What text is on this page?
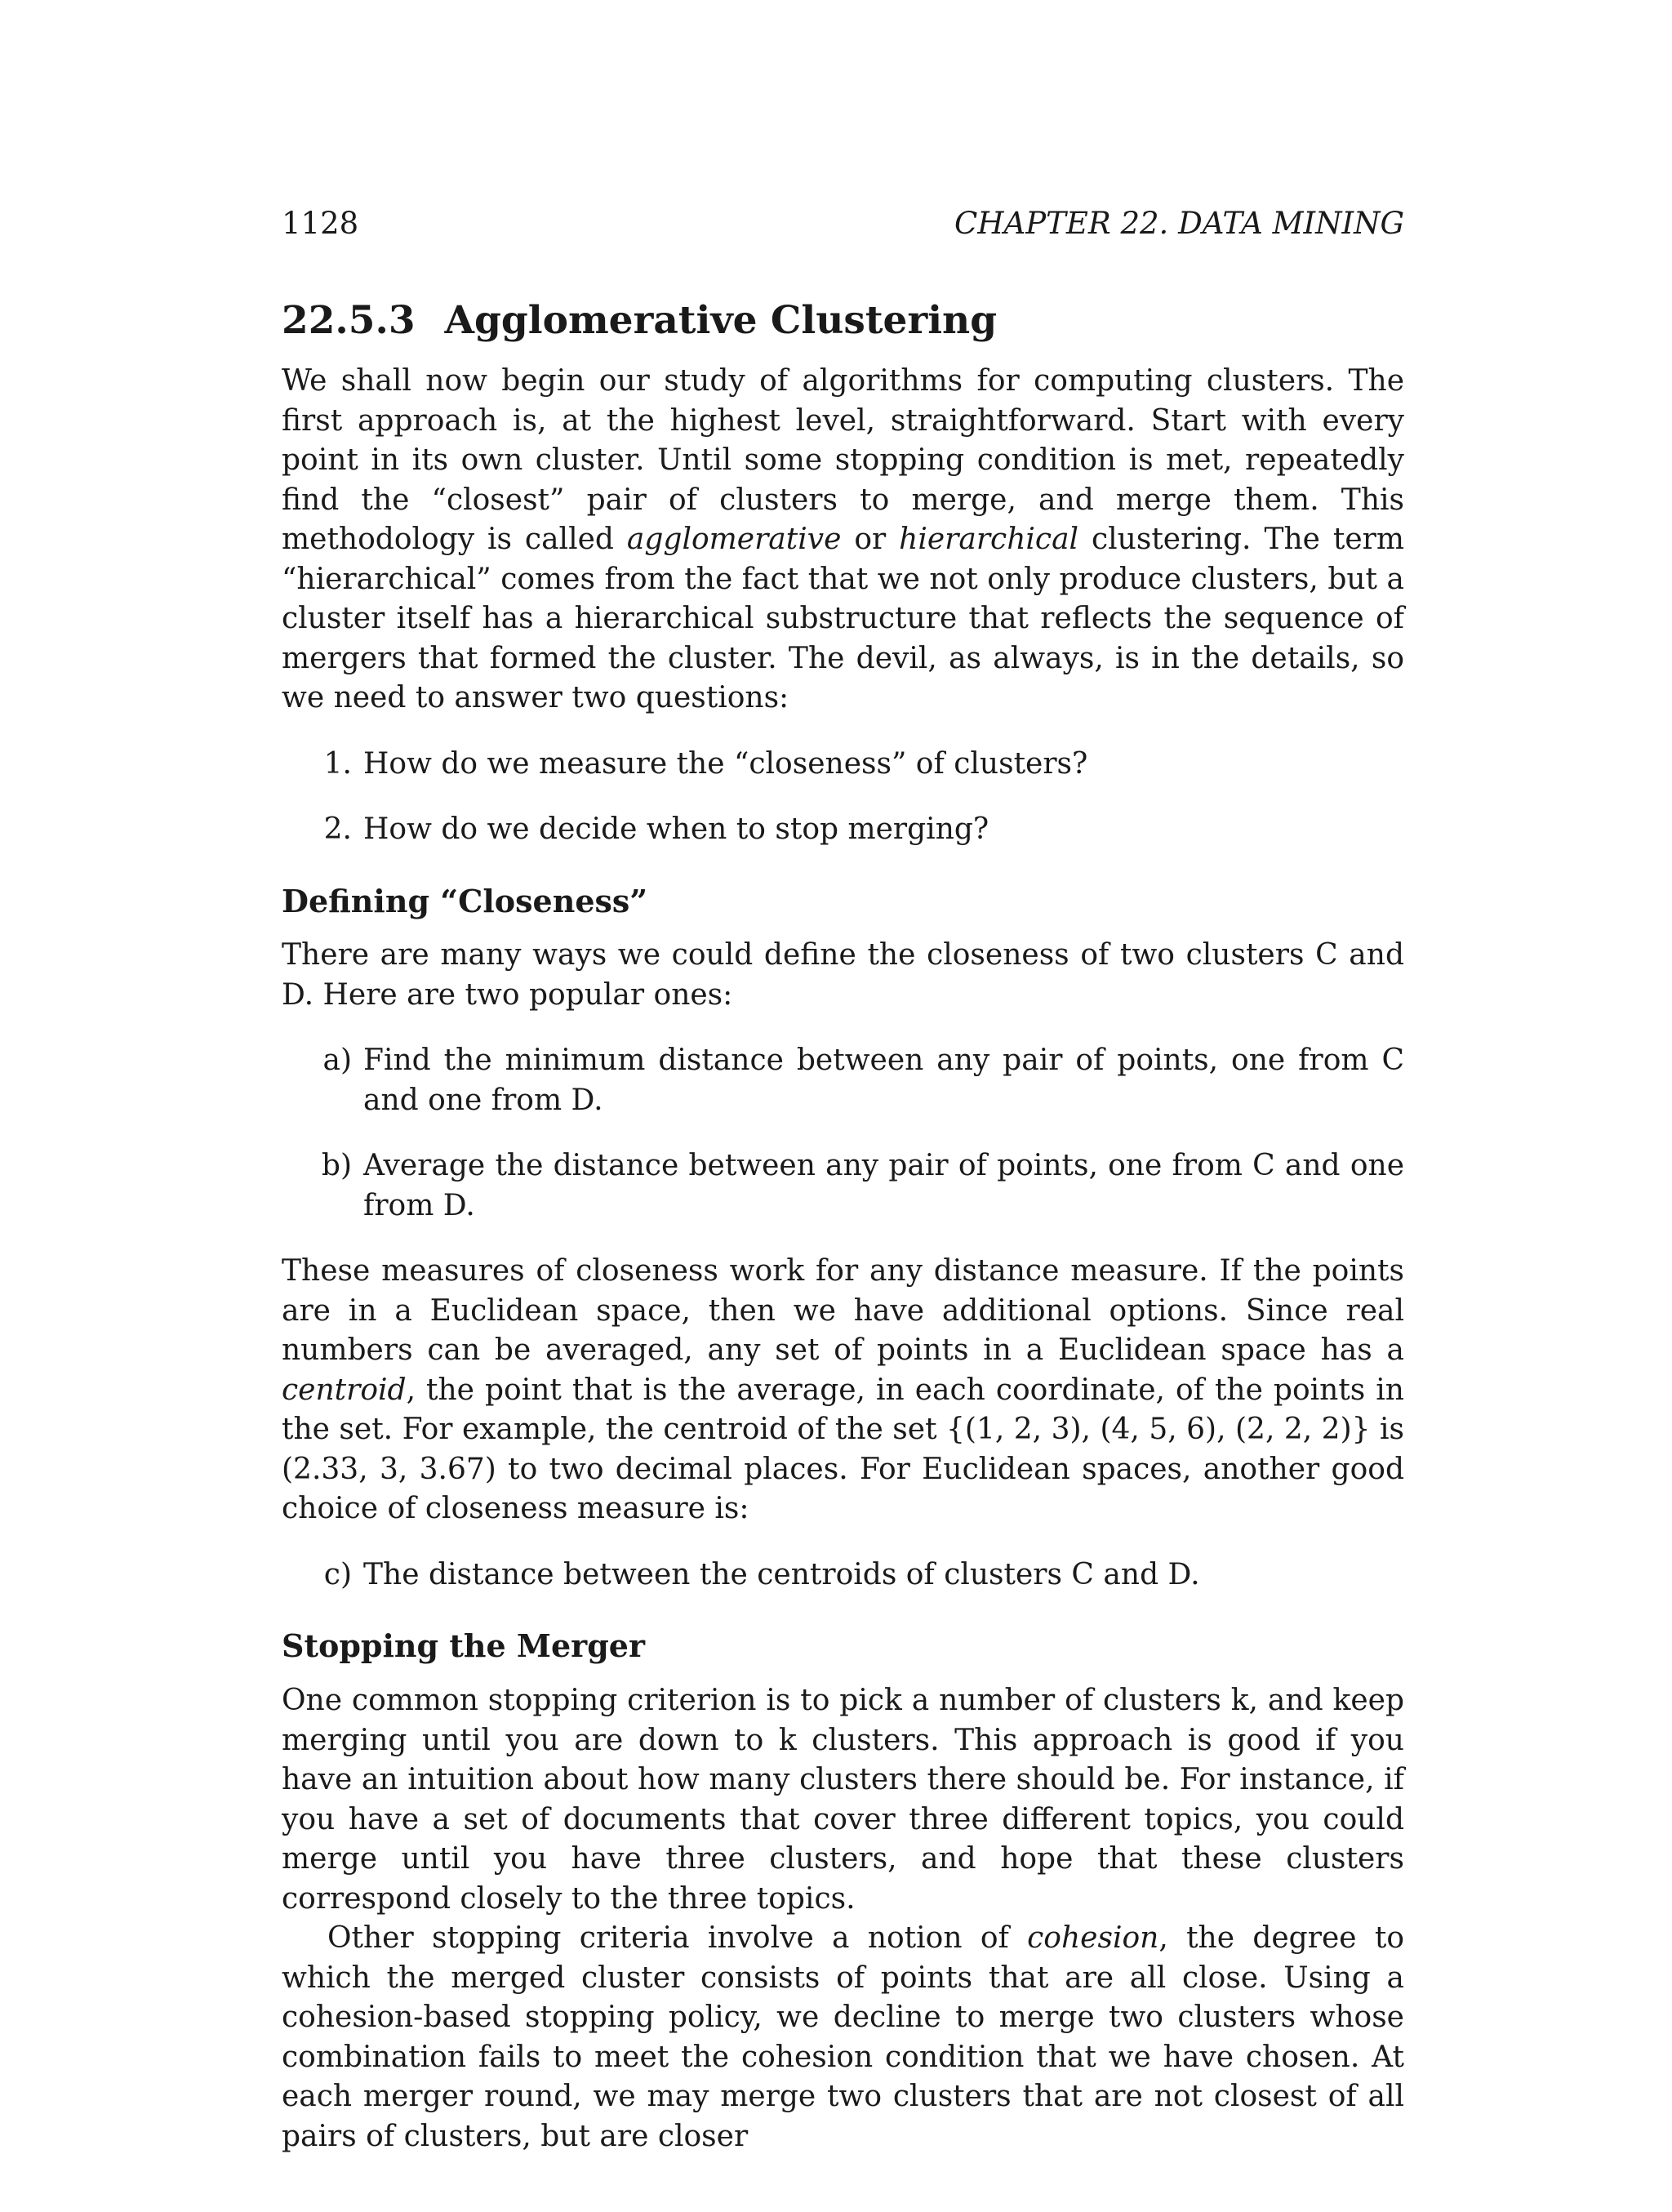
1128	CHAPTER 22. DATA MINING
22.5.3 Agglomerative Clustering

We shall now begin our study of algorithms for computing clusters. The first approach is, at the highest level, straightforward. Start with every point in its own cluster. Until some stopping condition is met, repeatedly find the “closest” pair of clusters to merge, and merge them. This methodology is called agglomerative or hierarchical clustering. The term “hierarchical” comes from the fact that we not only produce clusters, but a cluster itself has a hierarchical substructure that reflects the sequence of mergers that formed the cluster. The devil, as always, is in the details, so we need to answer two questions:

1. How do we measure the “closeness” of clusters?
2. How do we decide when to stop merging?
Defining “Closeness”

There are many ways we could define the closeness of two clusters C and D. Here are two popular ones:

a) Find the minimum distance between any pair of points, one from C and one from D.
b) Average the distance between any pair of points, one from C and one from D.

These measures of closeness work for any distance measure. If the points are in a Euclidean space, then we have additional options. Since real numbers can be averaged, any set of points in a Euclidean space has a centroid, the point that is the average, in each coordinate, of the points in the set. For example, the centroid of the set {(1, 2, 3), (4, 5, 6), (2, 2, 2)} is (2.33, 3, 3.67) to two decimal places. For Euclidean spaces, another good choice of closeness measure is:

c) The distance between the centroids of clusters C and D.
Stopping the Merger

One common stopping criterion is to pick a number of clusters k, and keep merging until you are down to k clusters. This approach is good if you have an intuition about how many clusters there should be. For instance, if you have a set of documents that cover three different topics, you could merge until you have three clusters, and hope that these clusters correspond closely to the three topics.

Other stopping criteria involve a notion of cohesion, the degree to which the merged cluster consists of points that are all close. Using a cohesion-based stopping policy, we decline to merge two clusters whose combination fails to meet the cohesion condition that we have chosen. At each merger round, we may merge two clusters that are not closest of all pairs of clusters, but are closer
